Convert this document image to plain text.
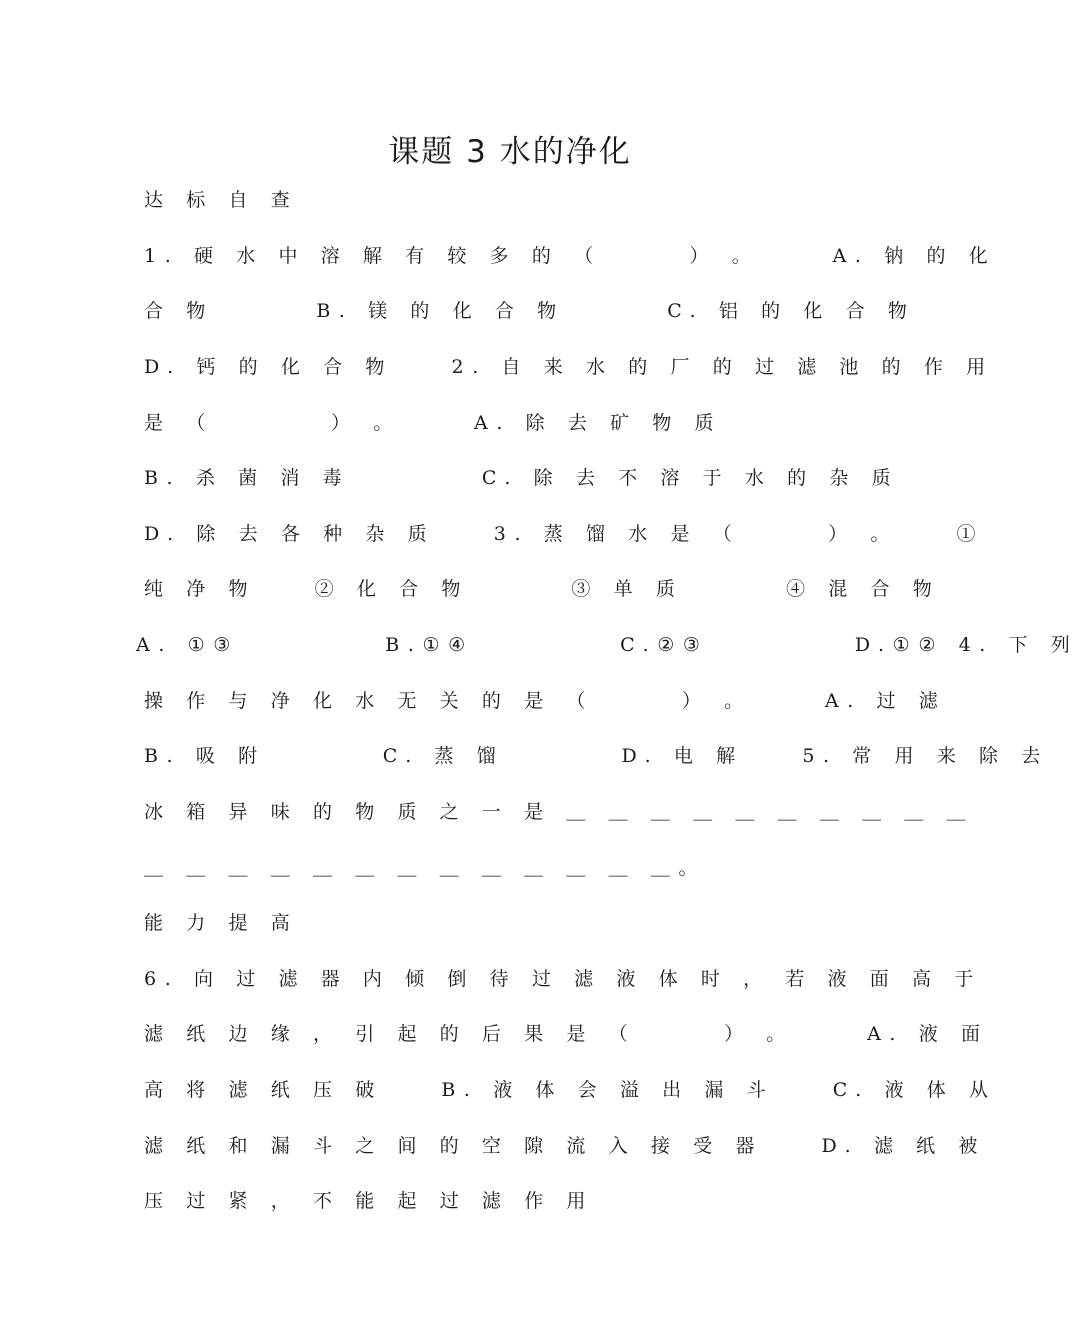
课题 3 水的净化
达 标 自 查
1. 硬 水 中 溶 解 有 较 多 的 （      ） 。     A. 钠 的 化
合 物       B. 镁 的 化 合 物       C. 铝 的 化 合 物
D. 钙 的 化 合 物    2. 自 来 水 的 厂 的 过 滤 池 的 作 用
是 （        ） 。     A. 除 去 矿 物 质
B. 杀 菌 消 毒         C. 除 去 不 溶 于 水 的 杂 质
D. 除 去 各 种 杂 质    3. 蒸 馏 水 是 （      ） 。    ①
纯 净 物    ② 化 合 物       ③ 单 质       ④ 混 合 物
A. ①③          B.①④          C.②③          D.①② 4. 下 列
操 作 与 净 化 水 无 关 的 是 （      ） 。     A. 过 滤
B. 吸 附        C. 蒸 馏        D. 电 解    5. 常 用 来 除 去
冰 箱 异 味 的 物 质 之 一 是 ＿ ＿ ＿ ＿ ＿ ＿ ＿ ＿ ＿ ＿
＿ ＿ ＿ ＿ ＿ ＿ ＿ ＿ ＿ ＿ ＿ ＿ ＿。
能 力 提 高
6. 向 过 滤 器 内 倾 倒 待 过 滤 液 体 时 ， 若 液 面 高 于
滤 纸 边 缘 ， 引 起 的 后 果 是 （      ） 。     A. 液 面
高 将 滤 纸 压 破    B. 液 体 会 溢 出 漏 斗    C. 液 体 从
滤 纸 和 漏 斗 之 间 的 空 隙 流 入 接 受 器    D. 滤 纸 被
压 过 紧 ， 不 能 起 过 滤 作 用
